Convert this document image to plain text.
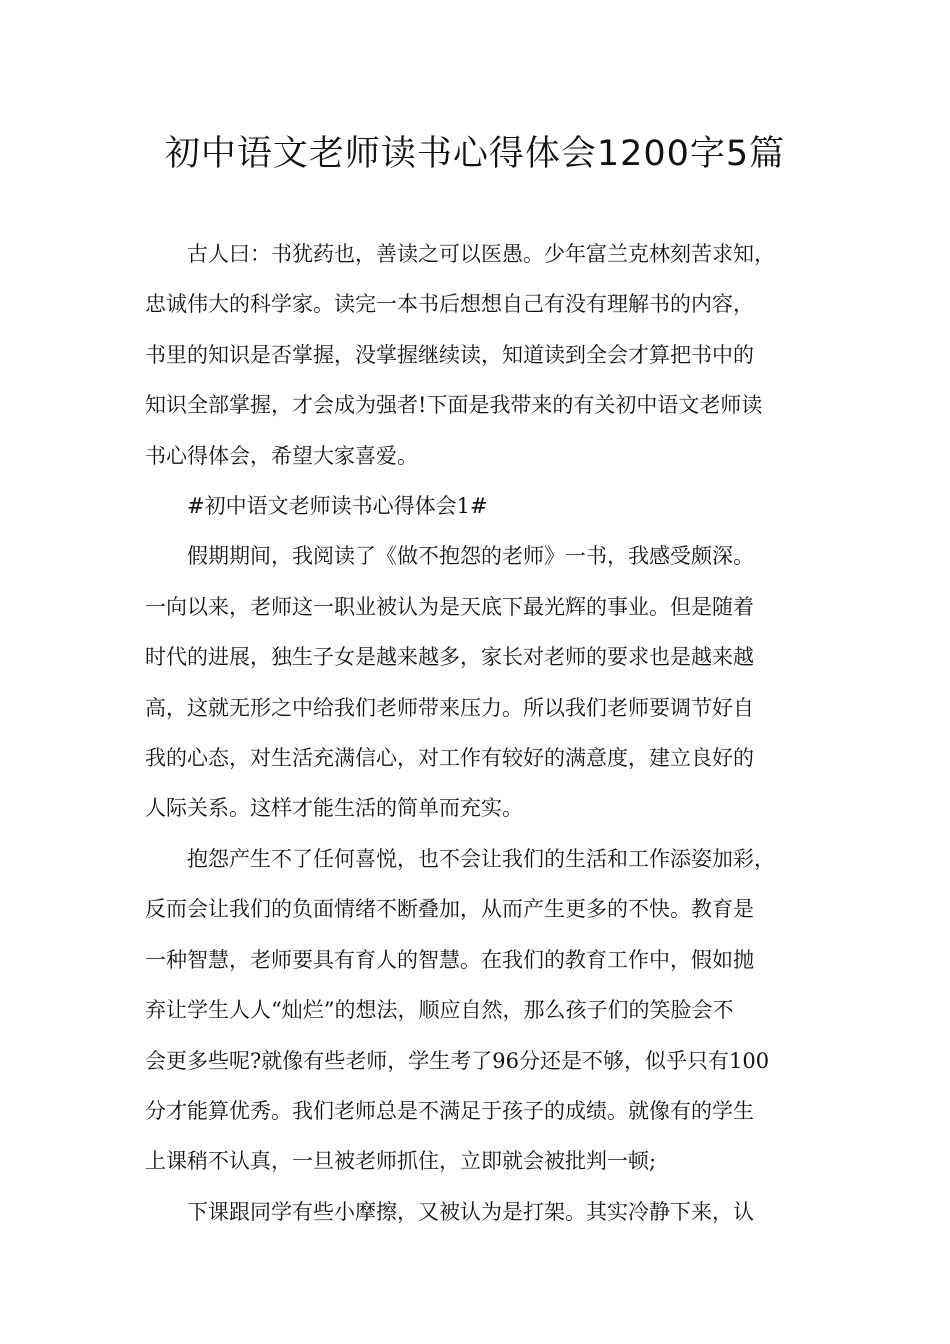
初中语文老师读书心得体会1200字5篇

古人曰：书犹药也，善读之可以医愚。少年富兰克林刻苦求知，
忠诚伟大的科学家。读完一本书后想想自己有没有理解书的内容，
书里的知识是否掌握，没掌握继续读，知道读到全会才算把书中的
知识全部掌握，才会成为强者!下面是我带来的有关初中语文老师读
书心得体会，希望大家喜爱。

#初中语文老师读书心得体会1#

假期期间，我阅读了《做不抱怨的老师》一书，我感受颇深。
一向以来，老师这一职业被认为是天底下最光辉的事业。但是随着
时代的进展，独生子女是越来越多，家长对老师的要求也是越来越
高，这就无形之中给我们老师带来压力。所以我们老师要调节好自
我的心态，对生活充满信心，对工作有较好的满意度，建立良好的
人际关系。这样才能生活的简单而充实。

抱怨产生不了任何喜悦，也不会让我们的生活和工作添姿加彩，
反而会让我们的负面情绪不断叠加，从而产生更多的不快。教育是
一种智慧，老师要具有育人的智慧。在我们的教育工作中，假如抛
弃让学生人人“灿烂”的想法，顺应自然，那么孩子们的笑脸会不
会更多些呢?就像有些老师，学生考了96分还是不够，似乎只有100
分才能算优秀。我们老师总是不满足于孩子的成绩。就像有的学生
上课稍不认真，一旦被老师抓住，立即就会被批判一顿;

下课跟同学有些小摩擦，又被认为是打架。其实冷静下来，认
